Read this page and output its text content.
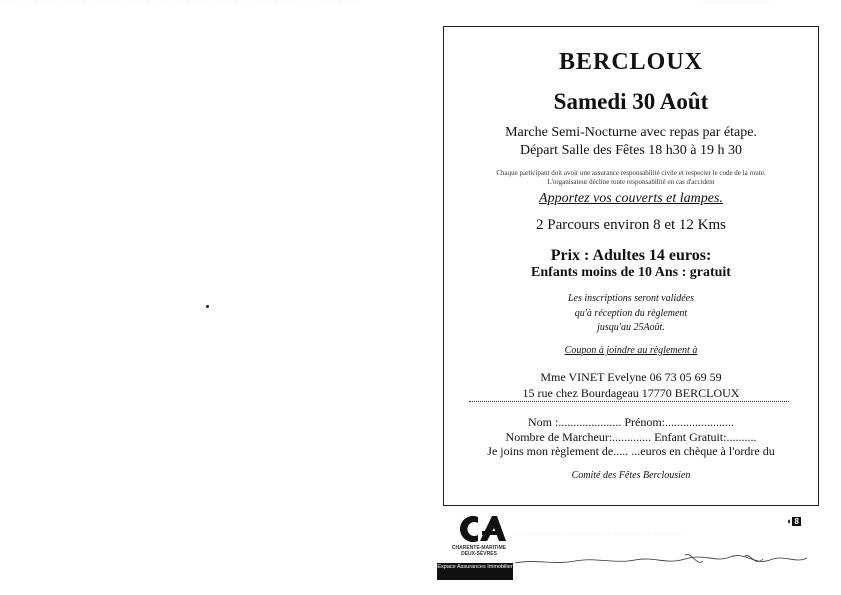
· · · · · · · · · · · · · · · · · · · · · · · · · · · · · · · · · · · · · · · · · · · · · · · · · · · · · · · · · · · · · · · · · · · · · · · · · ·	· · · · · · · · · · · · · · · · · · · · · · · · · · · · · · ·
BERCLOUX
Samedi 30 Août
Marche Semi-Nocturne avec repas par étape.
Départ Salle des Fêtes 18 h30 à 19 h 30
Chaque participant doit avoir une assurance responsabilité civile et respecter le code de la route.
L'organisateur décline toute responsabilité en cas d'accident
Apportez vos couverts et lampes.
2 Parcours environ 8 et 12 Kms
Prix : Adultes 14 euros:
Enfants moins de 10 Ans : gratuit
Les inscriptions seront validées
qu'à réception du règlement
jusqu'au 25Août.
Coupon à joindre au règlement à
Mme VINET Evelyne 06 73 05 69 59
15 rue chez Bourdageau 17770 BERCLOUX
Nom :..................... Prénom:.......................
Nombre de Marcheur:............. Enfant Gratuit:..........
Je joins mon règlement de..... ...euros en chèque à l'ordre du
Comité des Fêtes Berclousien
CHARENTE-MARITIME DEUX-SÈVRES
Espace Assurances Immobilier
· · · · · · · · · · · · · · · · · · · · · · · · · · · · · · · · · · · · · · · · · · · · · · · · · · ·
◐ 8
